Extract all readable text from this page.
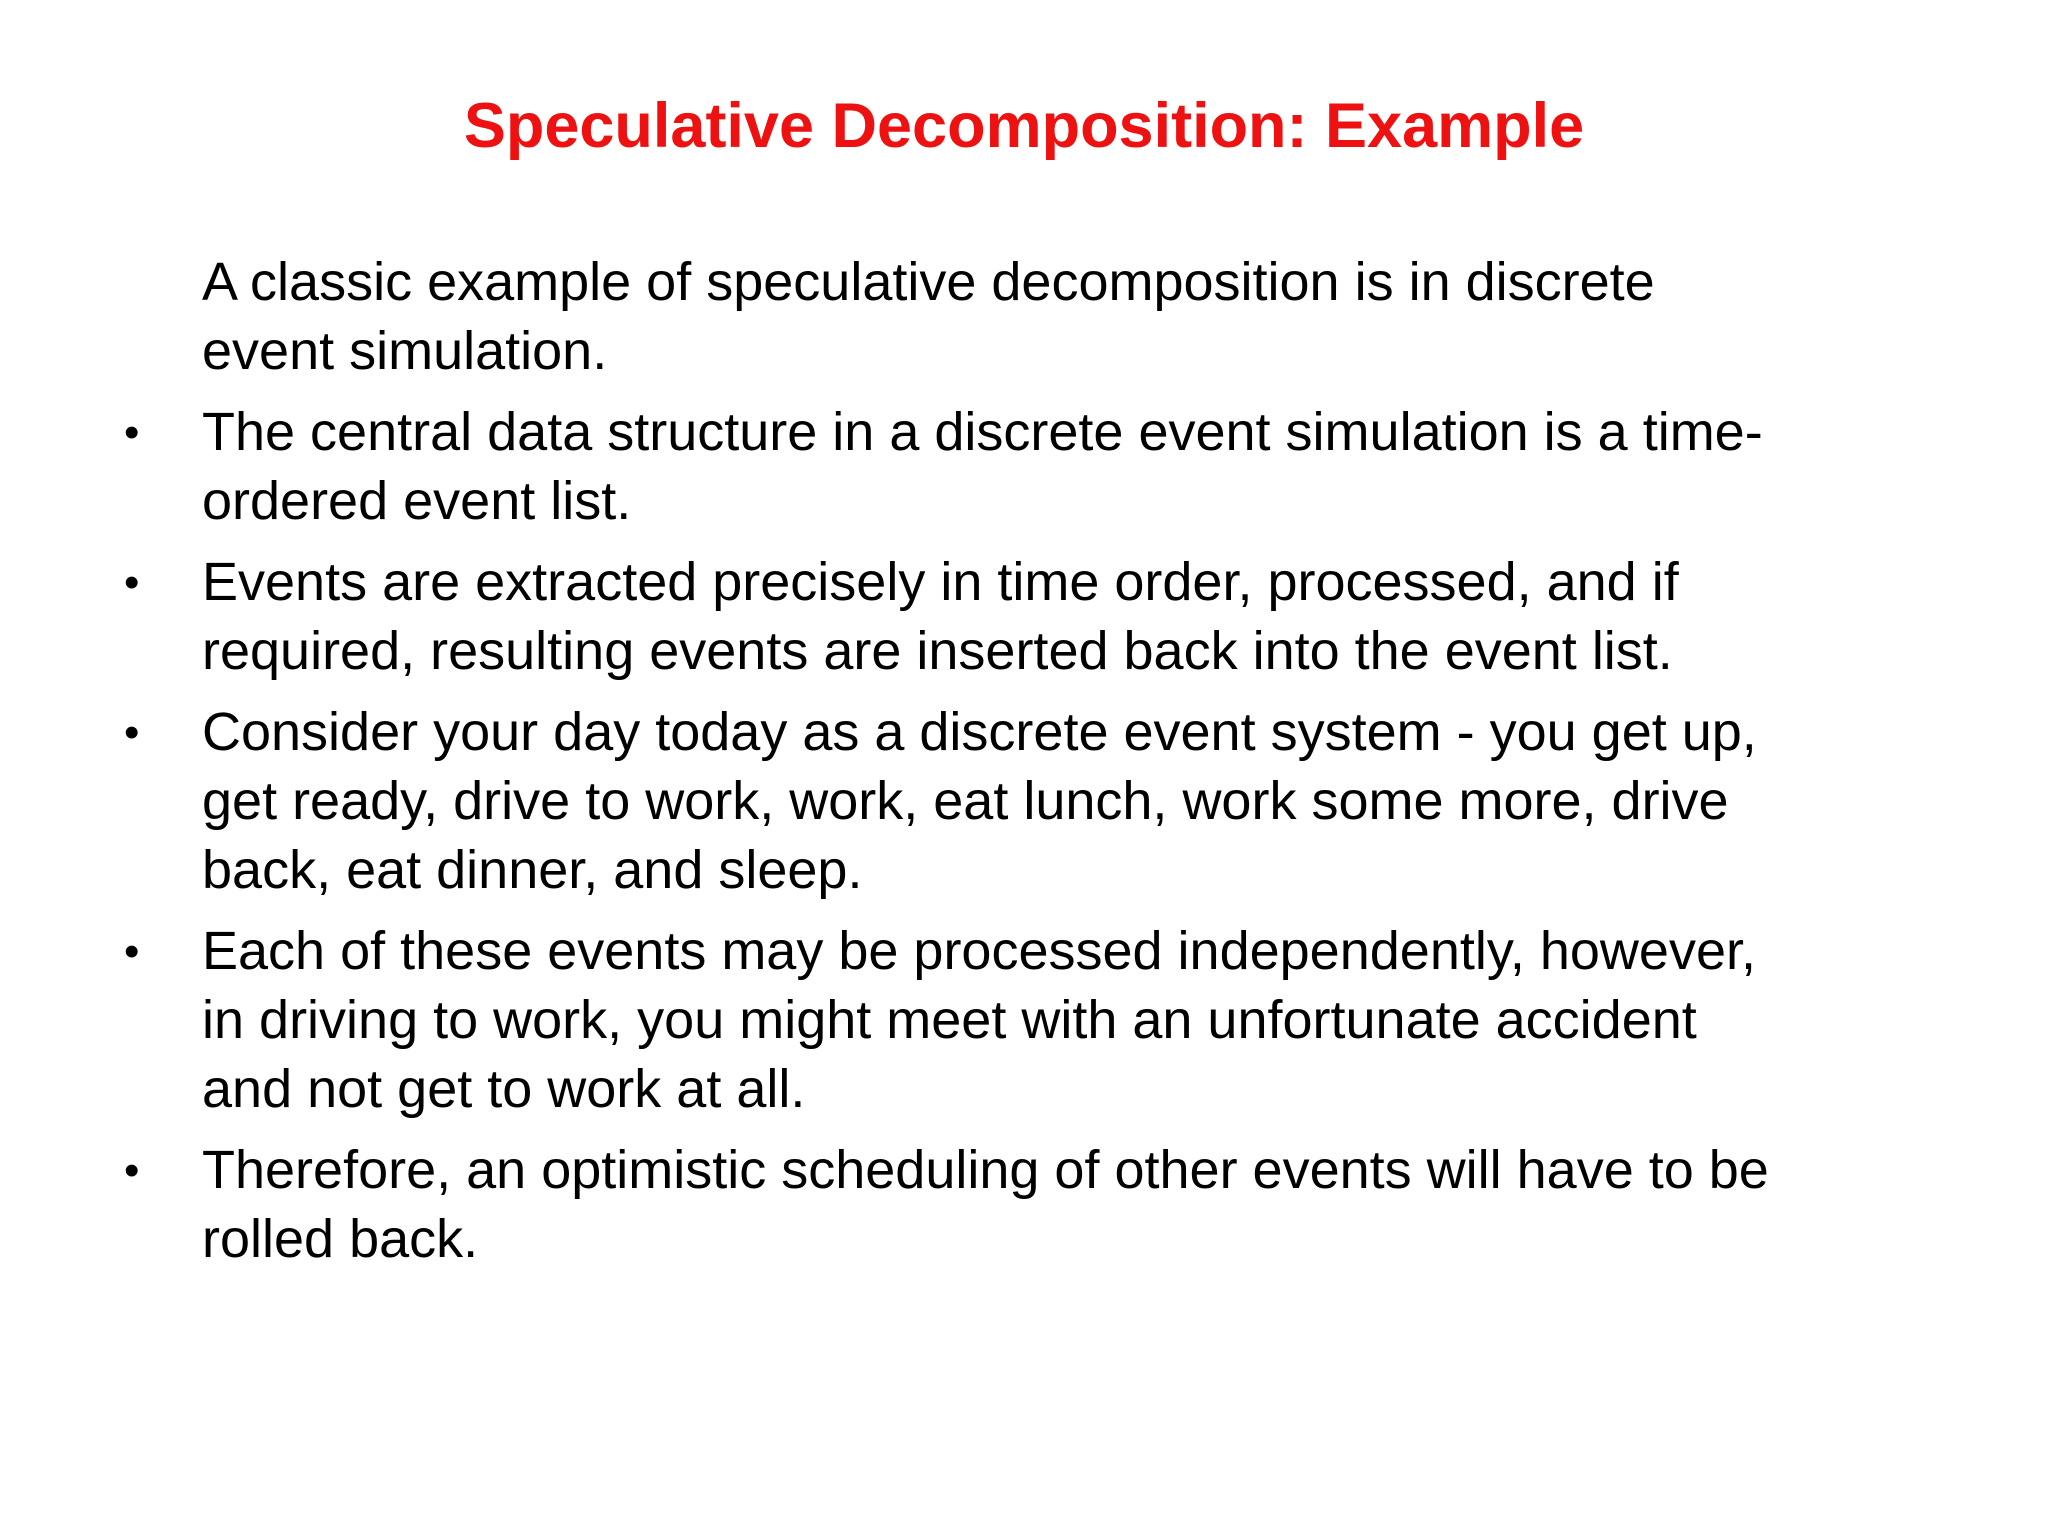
Speculative Decomposition: Example

A classic example of speculative decomposition is in discrete event simulation.

• The central data structure in a discrete event simulation is a time-ordered event list.

• Events are extracted precisely in time order, processed, and if required, resulting events are inserted back into the event list.

• Consider your day today as a discrete event system - you get up, get ready, drive to work, work, eat lunch, work some more, drive back, eat dinner, and sleep.

• Each of these events may be processed independently, however, in driving to work, you might meet with an unfortunate accident and not get to work at all.

• Therefore, an optimistic scheduling of other events will have to be rolled back.
